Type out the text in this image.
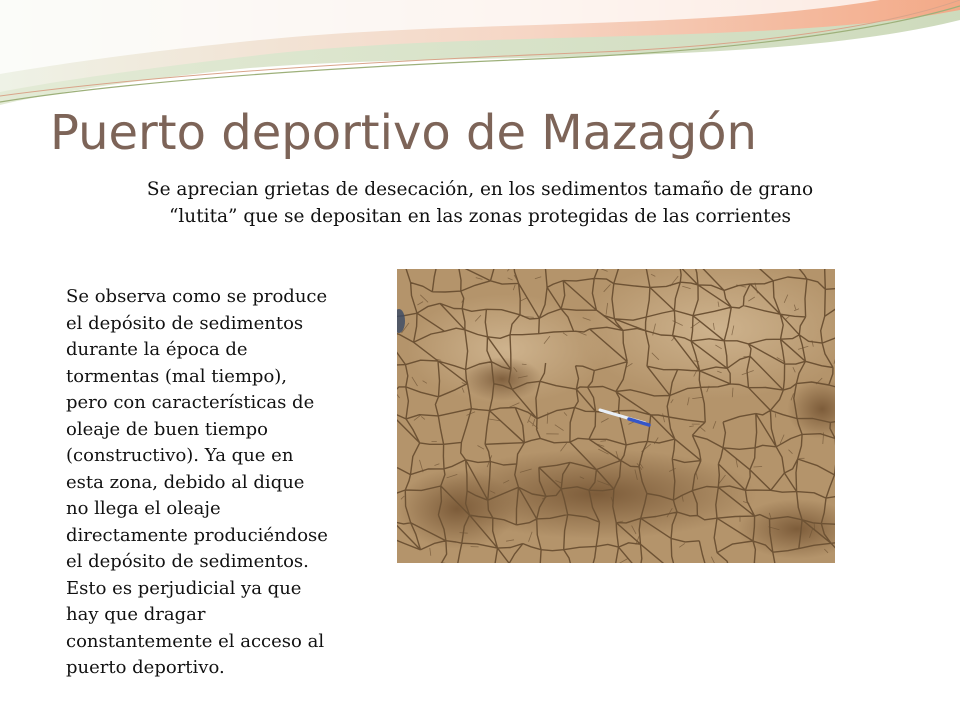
Puerto deportivo de Mazagón
Se aprecian grietas de desecación, en los sedimentos tamaño de grano
“lutita” que se depositan en las zonas protegidas de las corrientes
Se observa como se produce
el depósito de sedimentos
durante la época de
tormentas (mal tiempo),
pero con características de
oleaje de buen tiempo
(constructivo). Ya que en
esta zona, debido al dique
no llega el oleaje
directamente produciéndose
el depósito de sedimentos.
Esto es perjudicial ya que
hay que dragar
constantemente el acceso al
puerto deportivo.
